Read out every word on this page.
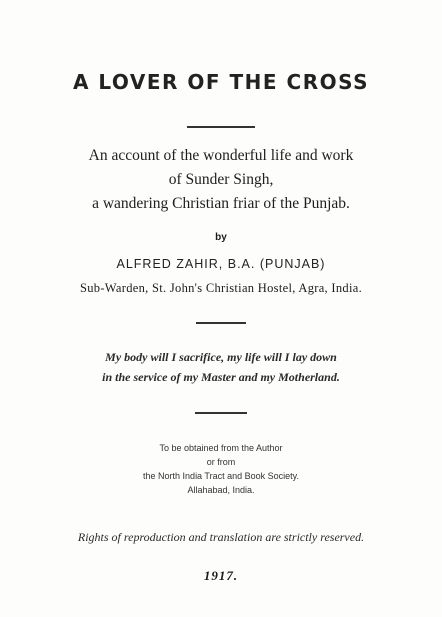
A LOVER OF THE CROSS
An account of the wonderful life and work
of Sunder Singh,
a wandering Christian friar of the Punjab.
by
ALFRED ZAHIR, B.A. (PUNJAB)
Sub-Warden, St. John's Christian Hostel, Agra, India.
My body will I sacrifice, my life will I lay down
in the service of my Master and my Motherland.
To be obtained from the Author
or from
the North India Tract and Book Society.
Allahabad, India.
Rights of reproduction and translation are strictly reserved.
1917.
